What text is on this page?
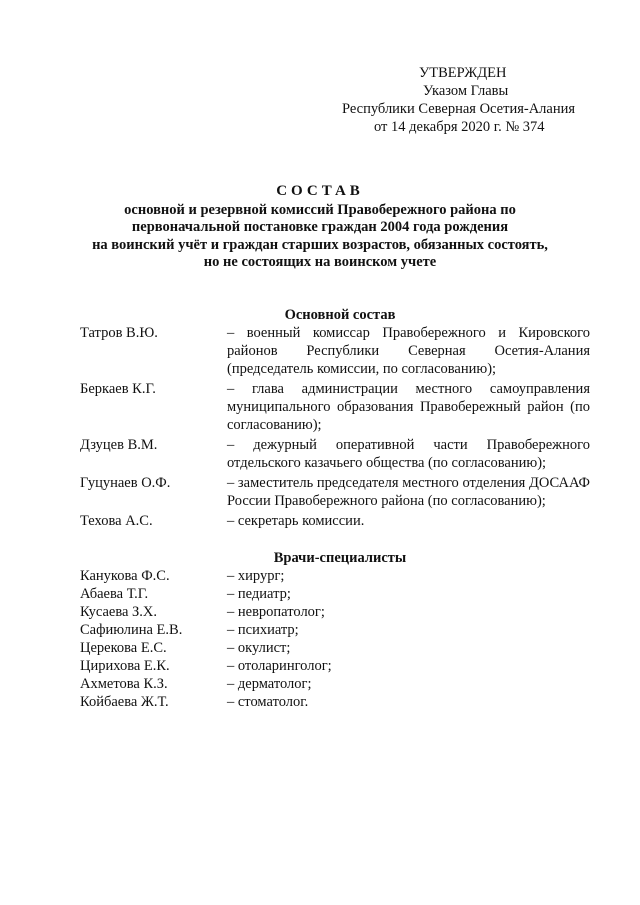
УТВЕРЖДЕН
Указом Главы
Республики Северная Осетия-Алания
от 14 декабря 2020 г. № 374
СОСТАВ
основной и резервной комиссий Правобережного района по
первоначальной постановке граждан 2004 года рождения
на воинский учёт и граждан старших возрастов, обязанных состоять,
но не состоящих на воинском учете
Основной состав
Татров В.Ю.	– военный комиссар Правобережного и Кировского районов Республики Северная Осетия-Алания (председатель комиссии, по согласованию);
Беркаев К.Г.	– глава администрации местного самоуправления муниципального образования Правобережный район (по согласованию);
Дзуцев В.М.	– дежурный оперативной части Правобережного отдельского казачьего общества (по согласованию);
Гуцунаев О.Ф.	– заместитель председателя местного отделения ДОСААФ России Правобережного района (по согласованию);
Техова А.С.	– секретарь комиссии.
Врачи-специалисты
Канукова Ф.С.	– хирург;
Абаева Т.Г.	– педиатр;
Кусаева З.Х.	– невропатолог;
Сафиюлина Е.В.	– психиатр;
Церекова Е.С.	– окулист;
Цирихова Е.К.	– отоларинголог;
Ахметова К.З.	– дерматолог;
Койбаева Ж.Т.	– стоматолог.
